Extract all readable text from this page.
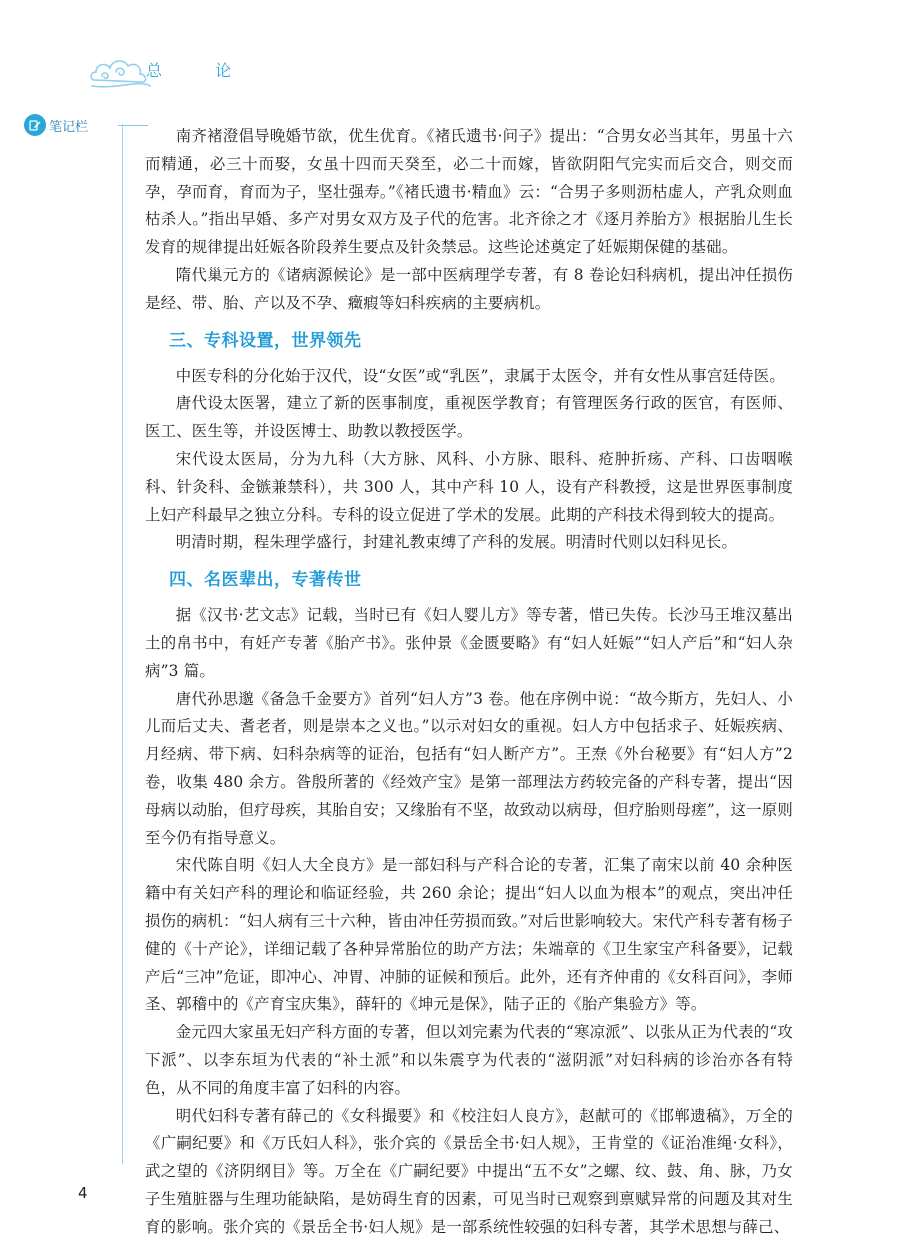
总 论
笔记栏	南齐褚澄倡导晚婚节欲，优生优育。《褚氏遗书·问子》提出：“合男女必当其年，男虽十六而精通，必三十而娶，女虽十四而天癸至，必二十而嫁，皆欲阴阳气完实而后交合，则交而孕，孕而育，育而为子，坚壮强寿。”《褚氏遗书·精血》云：“合男子多则沥枯虚人，产乳众则血枯杀人。”指出早婚、多产对男女双方及子代的危害。北齐徐之才《逐月养胎方》根据胎儿生长发育的规律提出妊娠各阶段养生要点及针灸禁忌。这些论述奠定了妊娠期保健的基础。

隋代巢元方的《诸病源候论》是一部中医病理学专著，有 8 卷论妇科病机，提出冲任损伤是经、带、胎、产以及不孕、癥瘕等妇科疾病的主要病机。

三、专科设置，世界领先

中医专科的分化始于汉代，设“女医”或“乳医”，隶属于太医令，并有女性从事宫廷侍医。

唐代设太医署，建立了新的医事制度，重视医学教育；有管理医务行政的医官，有医师、医工、医生等，并设医博士、助教以教授医学。

宋代设太医局，分为九科（大方脉、风科、小方脉、眼科、疮肿折疡、产科、口齿咽喉科、针灸科、金镞兼禁科），共 300 人，其中产科 10 人，设有产科教授，这是世界医事制度上妇产科最早之独立分科。专科的设立促进了学术的发展。此期的产科技术得到较大的提高。

明清时期，程朱理学盛行，封建礼教束缚了产科的发展。明清时代则以妇科见长。

四、名医辈出，专著传世

据《汉书·艺文志》记载，当时已有《妇人婴儿方》等专著，惜已失传。长沙马王堆汉墓出土的帛书中，有妊产专著《胎产书》。张仲景《金匮要略》有“妇人妊娠”“妇人产后”和“妇人杂病”3 篇。

唐代孙思邈《备急千金要方》首列“妇人方”3 卷。他在序例中说：“故今斯方，先妇人、小儿而后丈夫、耆老者，则是崇本之义也。”以示对妇女的重视。妇人方中包括求子、妊娠疾病、月经病、带下病、妇科杂病等的证治，包括有“妇人断产方”。王焘《外台秘要》有“妇人方”2 卷，收集 480 余方。昝殷所著的《经效产宝》是第一部理法方药较完备的产科专著，提出“因母病以动胎，但疗母疾，其胎自安；又缘胎有不坚，故致动以病母，但疗胎则母瘥”，这一原则至今仍有指导意义。

宋代陈自明《妇人大全良方》是一部妇科与产科合论的专著，汇集了南宋以前 40 余种医籍中有关妇产科的理论和临证经验，共 260 余论；提出“妇人以血为根本”的观点，突出冲任损伤的病机：“妇人病有三十六种，皆由冲任劳损而致。”对后世影响较大。宋代产科专著有杨子健的《十产论》，详细记载了各种异常胎位的助产方法；朱端章的《卫生家宝产科备要》，记载产后“三冲”危证，即冲心、冲胃、冲肺的证候和预后。此外，还有齐仲甫的《女科百问》，李师圣、郭稽中的《产育宝庆集》，薛轩的《坤元是保》，陆子正的《胎产集验方》等。

金元四大家虽无妇产科方面的专著，但以刘完素为代表的“寒凉派”、以张从正为代表的“攻下派”、以李东垣为代表的“补土派”和以朱震亨为代表的“滋阴派”对妇科病的诊治亦各有特色，从不同的角度丰富了妇科的内容。

明代妇科专著有薛己的《女科撮要》和《校注妇人良方》，赵献可的《邯郸遗稿》，万全的《广嗣纪要》和《万氏妇人科》，张介宾的《景岳全书·妇人规》，王肯堂的《证治准绳·女科》，武之望的《济阴纲目》等。万全在《广嗣纪要》中提出“五不女”之螺、纹、鼓、角、脉，乃女子生殖脏器与生理功能缺陷，是妨碍生育的因素，可见当时已观察到禀赋异常的问题及其对生育的影响。张介宾的《景岳全书·妇人规》是一部系统性较强的妇科专著，其学术思想与薛己、

4
